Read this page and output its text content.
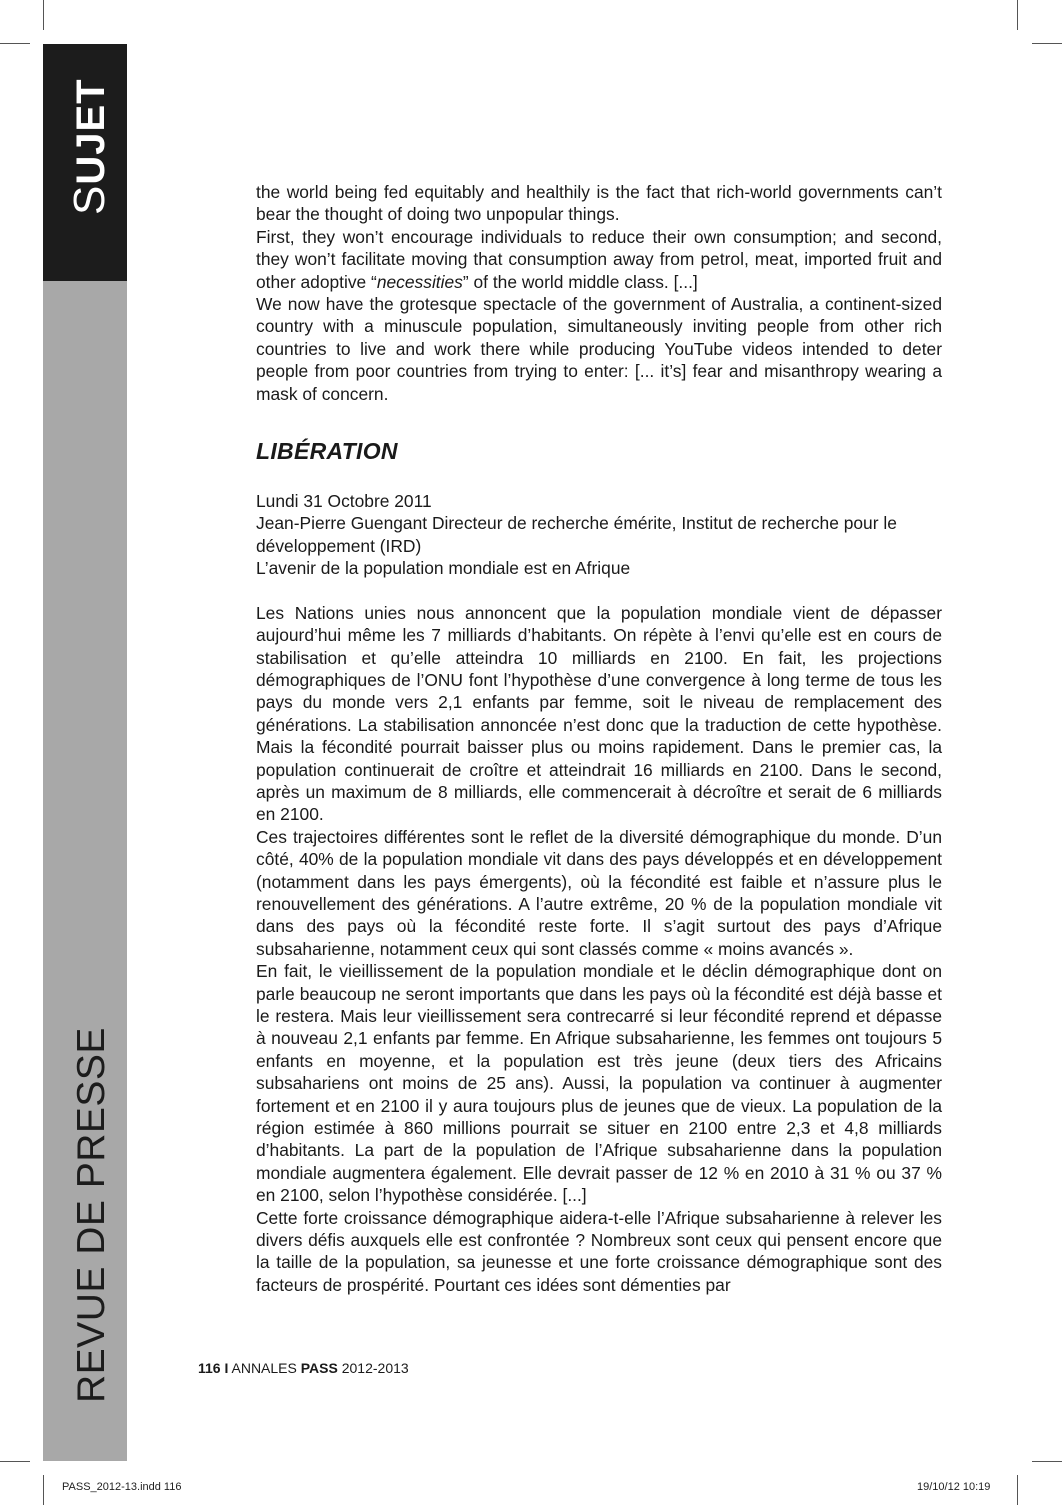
SUJET
REVUE DE PRESSE

the world being fed equitably and healthily is the fact that rich-world governments can’t bear the thought of doing two unpopular things.

First, they won’t encourage individuals to reduce their own consumption; and second, they won’t facilitate moving that consumption away from petrol, meat, imported fruit and other adoptive “necessities” of the world middle class. [...]

We now have the grotesque spectacle of the government of Australia, a continent-sized country with a minuscule population, simultaneously inviting people from other rich countries to live and work there while producing YouTube videos intended to deter people from poor countries from trying to enter: [... it’s] fear and misanthropy wearing a mask of concern.

LIBÉRATION

Lundi 31 Octobre 2011

Jean-Pierre Guengant Directeur de recherche émérite, Institut de recherche pour le développement (IRD)

L’avenir de la population mondiale est en Afrique

Les Nations unies nous annoncent que la population mondiale vient de dépasser aujourd’hui même les 7 milliards d’habitants. On répète à l’envi qu’elle est en cours de stabilisation et qu’elle atteindra 10 milliards en 2100. En fait, les projections démographiques de l’ONU font l’hypothèse d’une convergence à long terme de tous les pays du monde vers 2,1 enfants par femme, soit le niveau de remplacement des générations. La stabilisation annoncée n’est donc que la traduction de cette hypothèse. Mais la fécondité pourrait baisser plus ou moins rapidement. Dans le premier cas, la population continuerait de croître et atteindrait 16 milliards en 2100. Dans le second, après un maximum de 8 milliards, elle commencerait à décroître et serait de 6 milliards en 2100.

Ces trajectoires différentes sont le reflet de la diversité démographique du monde. D’un côté, 40% de la population mondiale vit dans des pays développés et en développement (notamment dans les pays émergents), où la fécondité est faible et n’assure plus le renouvellement des générations. A l’autre extrême, 20 % de la population mondiale vit dans des pays où la fécondité reste forte. Il s’agit surtout des pays d’Afrique subsaharienne, notamment ceux qui sont classés comme « moins avancés ».

En fait, le vieillissement de la population mondiale et le déclin démographique dont on parle beaucoup ne seront importants que dans les pays où la fécondité est déjà basse et le restera. Mais leur vieillissement sera contrecarré si leur fécondité reprend et dépasse à nouveau 2,1 enfants par femme. En Afrique subsaharienne, les femmes ont toujours 5 enfants en moyenne, et la population est très jeune (deux tiers des Africains subsahariens ont moins de 25 ans). Aussi, la population va continuer à augmenter fortement et en 2100 il y aura toujours plus de jeunes que de vieux. La population de la région estimée à 860 millions pourrait se situer en 2100 entre 2,3 et 4,8 milliards d’habitants. La part de la population de l’Afrique subsaharienne dans la population mondiale augmentera également. Elle devrait passer de 12 % en 2010 à 31 % ou 37 % en 2100, selon l’hypothèse considérée. [...]

Cette forte croissance démographique aidera-t-elle l’Afrique subsaharienne à relever les divers défis auxquels elle est confrontée ? Nombreux sont ceux qui pensent encore que la taille de la population, sa jeunesse et une forte croissance démographique sont des facteurs de prospérité. Pourtant ces idées sont démenties par

116 I ANNALES PASS 2012-2013
PASS_2012-13.indd 116	19/10/12 10:19
